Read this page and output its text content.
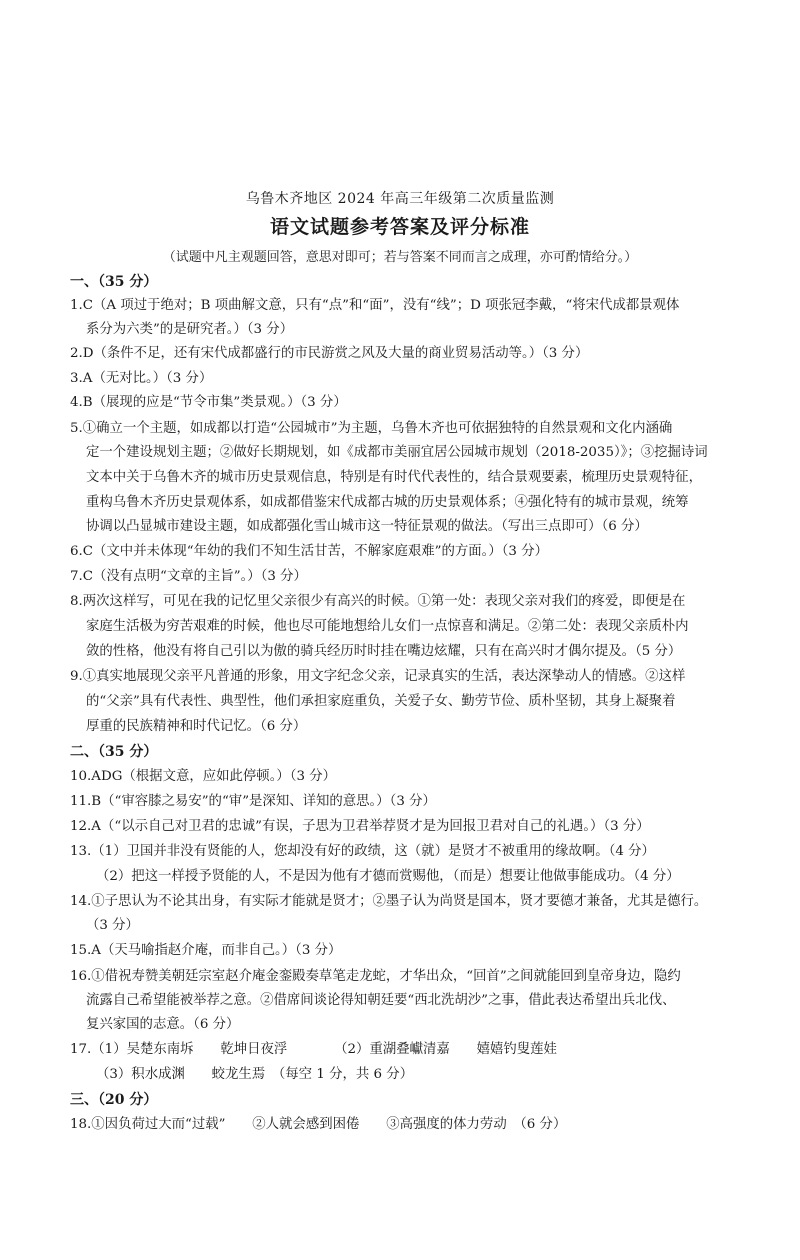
乌鲁木齐地区 2024 年高三年级第二次质量监测
语文试题参考答案及评分标准
（试题中凡主观题回答，意思对即可；若与答案不同而言之成理，亦可酌情给分。）
一、（35 分）
1.C（A 项过于绝对；B 项曲解文意，只有“点”和“面”，没有“线”；D 项张冠李戴，“将宋代成都景观体
系分为六类”的是研究者。）（3 分）
2.D（条件不足，还有宋代成都盛行的市民游赏之风及大量的商业贸易活动等。）（3 分）
3.A（无对比。）（3 分）
4.B（展现的应是“节令市集”类景观。）（3 分）
5.①确立一个主题，如成都以打造“公园城市”为主题，乌鲁木齐也可依据独特的自然景观和文化内涵确
定一个建设规划主题；②做好长期规划，如《成都市美丽宜居公园城市规划（2018-2035）》；③挖掘诗词
文本中关于乌鲁木齐的城市历史景观信息，特别是有时代代表性的，结合景观要素，梳理历史景观特征，
重构乌鲁木齐历史景观体系，如成都借鉴宋代成都古城的历史景观体系；④强化特有的城市景观，统筹
协调以凸显城市建设主题，如成都强化雪山城市这一特征景观的做法。（写出三点即可）（6 分）
6.C（文中并未体现“年幼的我们不知生活甘苦，不解家庭艰难”的方面。）（3 分）
7.C（没有点明“文章的主旨”。）（3 分）
8.两次这样写，可见在我的记忆里父亲很少有高兴的时候。①第一处：表现父亲对我们的疼爱，即便是在
家庭生活极为穷苦艰难的时候，他也尽可能地想给儿女们一点惊喜和满足。②第二处：表现父亲质朴内
敛的性格，他没有将自己引以为傲的骑兵经历时时挂在嘴边炫耀，只有在高兴时才偶尔提及。（5 分）
9.①真实地展现父亲平凡普通的形象，用文字纪念父亲，记录真实的生活，表达深挚动人的情感。②这样
的“父亲”具有代表性、典型性，他们承担家庭重负，关爱子女、勤劳节俭、质朴坚韧，其身上凝聚着
厚重的民族精神和时代记忆。（6 分）
二、（35 分）
10.ADG（根据文意，应如此停顿。）（3 分）
11.B（“审容膝之易安”的“审”是深知、详知的意思。）（3 分）
12.A（“以示自己对卫君的忠诚”有误，子思为卫君举荐贤才是为回报卫君对自己的礼遇。）（3 分）
13.（1）卫国并非没有贤能的人，您却没有好的政绩，这（就）是贤才不被重用的缘故啊。（4 分）
（2）把这一样授予贤能的人，不是因为他有才德而赏赐他，（而是）想要让他做事能成功。（4 分）
14.①子思认为不论其出身，有实际才能就是贤才；②墨子认为尚贤是国本，贤才要德才兼备，尤其是德行。
（3 分）
15.A（天马喻指赵介庵，而非自己。）（3 分）
16.①借祝寿赞美朝廷宗室赵介庵金銮殿奏草笔走龙蛇，才华出众，“回首”之间就能回到皇帝身边，隐约
流露自己希望能被举荐之意。②借席间谈论得知朝廷要“西北洗胡沙”之事，借此表达希望出兵北伐、
复兴家国的志意。（6 分）
17.（1）吴楚东南坼　　乾坤日夜浮　　　　（2）重湖叠巘清嘉　　嬉嬉钓叟莲娃
（3）积水成渊　　蛟龙生焉　（每空 1 分，共 6 分）
三、（20 分）
18.①因负荷过大而“过载”　　②人就会感到困倦　　③高强度的体力劳动　（6 分）
